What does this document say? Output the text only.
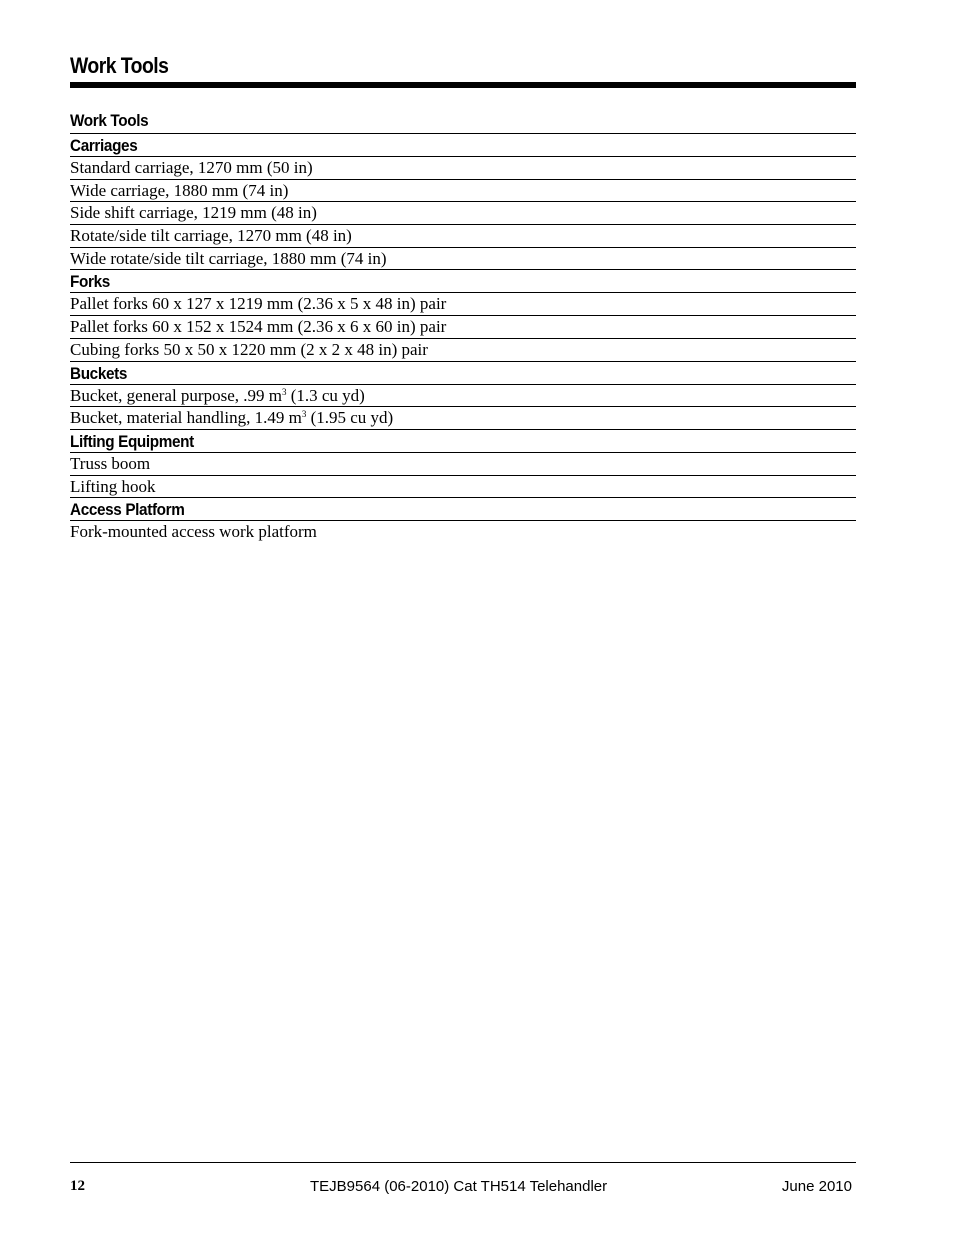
Work Tools
Work Tools
Carriages
Standard carriage, 1270 mm (50 in)
Wide carriage, 1880 mm (74 in)
Side shift carriage, 1219 mm (48 in)
Rotate/side tilt carriage, 1270 mm (48 in)
Wide rotate/side tilt carriage, 1880 mm (74 in)
Forks
Pallet forks 60 x 127 x 1219 mm (2.36 x 5 x 48 in) pair
Pallet forks 60 x 152 x 1524 mm (2.36 x 6 x 60 in) pair
Cubing forks 50 x 50 x 1220 mm (2 x 2 x 48 in) pair
Buckets
Bucket, general purpose, .99 $m^3$ (1.3 cu yd)
Bucket, material handling, 1.49 $m^3$ (1.95 cu yd)
Lifting Equipment
Truss boom
Lifting hook
Access Platform
Fork-mounted access work platform
12	TEJB9564 (06-2010) Cat TH514 Telehandler	June 2010
